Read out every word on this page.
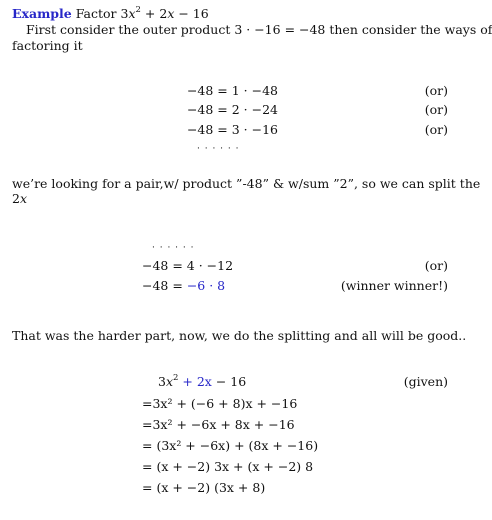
Example Factor $3x^2 + 2x - 16$
First consider the outer product 3 · −16 = −48 then consider the ways of
factoring it
−48 = 1 · −48	(or)
−48 = 2 · −24	(or)
−48 = 3 · −16	(or)
· · · · · ·
we’re looking for a pair,w/ product ”-48” & w/sum ”2”, so we can split the
2x
· · · · · ·
−48 = 4 · −12	(or)
−48 = −6 · 8	(winner winner!)
That was the harder part, now, we do the splitting and all will be good..
$3x^2 + 2x - 16$	(given)
=3x² + (−6 + 8)x + −16
=3x² + −6x + 8x + −16
= (3x² + −6x) + (8x + −16)
= (x + −2) 3x + (x + −2) 8
= (x + −2) (3x + 8)
